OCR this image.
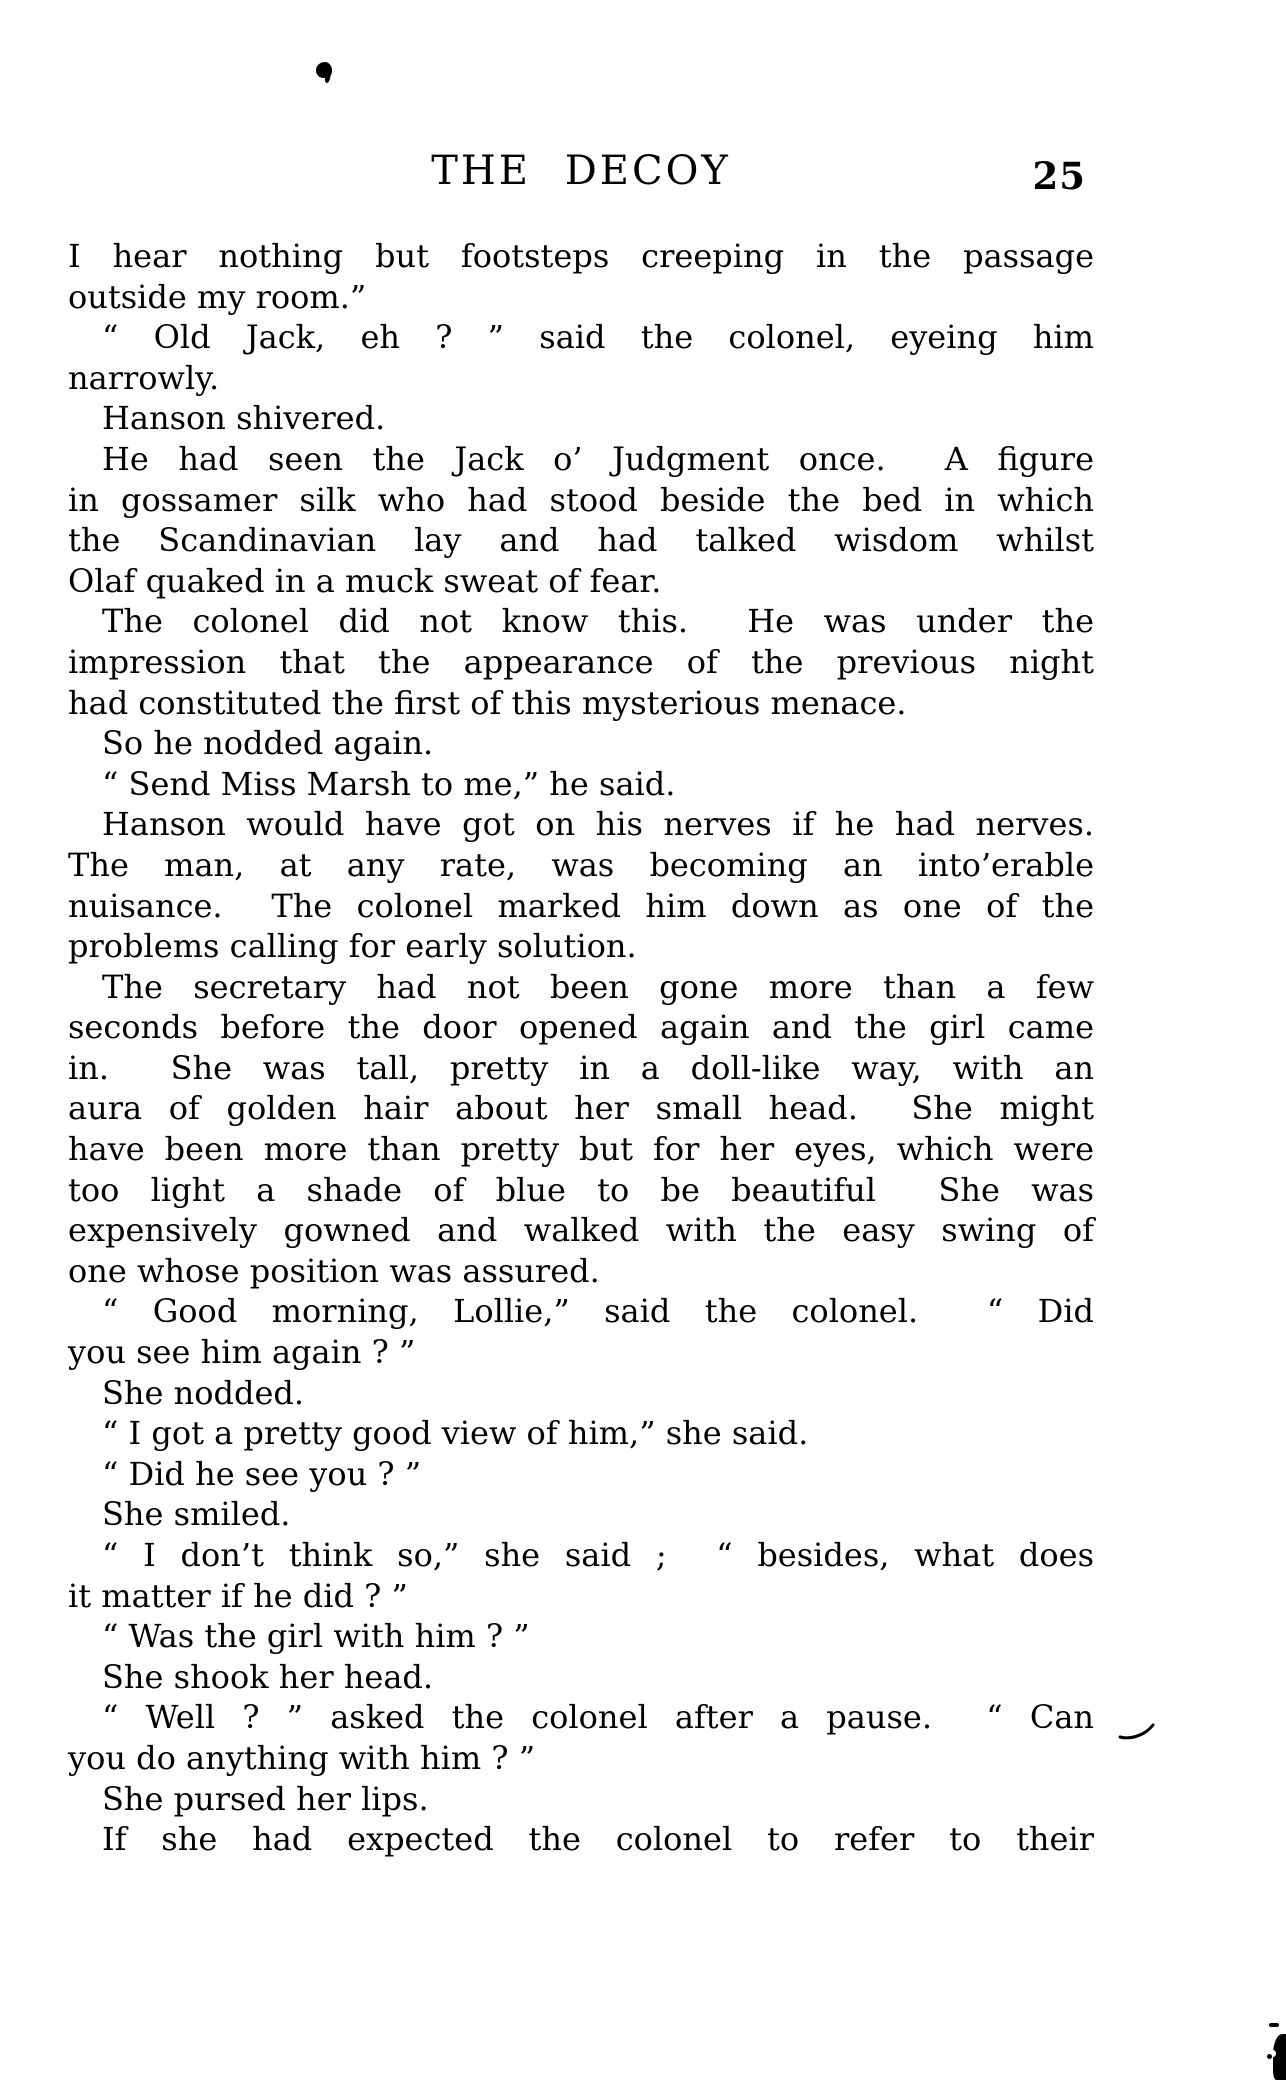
THE DECOY	25
I hear nothing but footsteps creeping in the passage
outside my room.”
“ Old Jack, eh ? ” said the colonel, eyeing him
narrowly.
Hanson shivered.
He had seen the Jack o’ Judgment once.  A figure
in gossamer silk who had stood beside the bed in which
the Scandinavian lay and had talked wisdom whilst
Olaf quaked in a muck sweat of fear.
The colonel did not know this.  He was under the
impression that the appearance of the previous night
had constituted the first of this mysterious menace.
So he nodded again.
“ Send Miss Marsh to me,” he said.
Hanson would have got on his nerves if he had nerves.
The man, at any rate, was becoming an into’erable
nuisance.  The colonel marked him down as one of the
problems calling for early solution.
The secretary had not been gone more than a few
seconds before the door opened again and the girl came
in.  She was tall, pretty in a doll-like way, with an
aura of golden hair about her small head.  She might
have been more than pretty but for her eyes, which were
too light a shade of blue to be beautiful  She was
expensively gowned and walked with the easy swing of
one whose position was assured.
“ Good morning, Lollie,” said the colonel.  “ Did
you see him again ? ”
She nodded.
“ I got a pretty good view of him,” she said.
“ Did he see you ? ”
She smiled.
“ I don’t think so,” she said ;  “ besides, what does
it matter if he did ? ”
“ Was the girl with him ? ”
She shook her head.
“ Well ? ” asked the colonel after a pause.  “ Can
you do anything with him ? ”
She pursed her lips.
If she had expected the colonel to refer to their
